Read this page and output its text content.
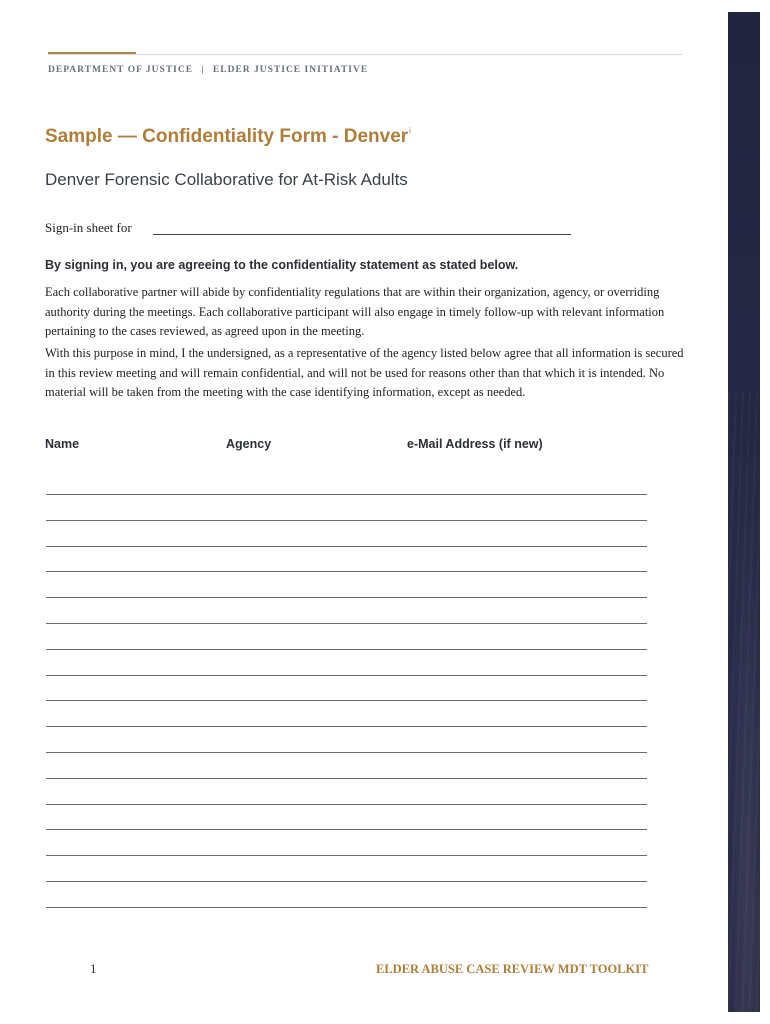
DEPARTMENT OF JUSTICE | ELDER JUSTICE INITIATIVE
Sample — Confidentiality Form - Denver$^i$
Denver Forensic Collaborative for At-Risk Adults
Sign-in sheet for
By signing in, you are agreeing to the confidentiality statement as stated below.
Each collaborative partner will abide by confidentiality regulations that are within their organization, agency, or overriding authority during the meetings. Each collaborative participant will also engage in timely follow-up with relevant information pertaining to the cases reviewed, as agreed upon in the meeting.
With this purpose in mind, I the undersigned, as a representative of the agency listed below agree that all information is secured in this review meeting and will remain confidential, and will not be used for reasons other than that which it is intended. No material will be taken from the meeting with the case identifying information, except as needed.
Name	Agency	e-Mail Address (if new)
1	ELDER ABUSE CASE REVIEW MDT TOOLKIT
